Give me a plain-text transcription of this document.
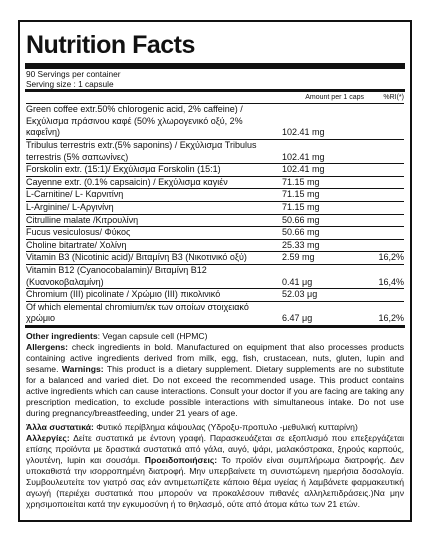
Nutrition Facts
90 Servings per container
Serving size : 1 capsule
Amount per 1 caps	%RI(*)
Green coffee extr.50% chlorogenic acid, 2% caffeine) / Εκχύλισμα πράσινου καφέ (50% χλωρογενικό οξύ, 2% καφεΐνη)	102.41 mg
Tribulus terrestris extr.(5% saponins) / Εκχύλισμα Tribulus terrestris (5% σαπωνίνες)	102.41 mg
Forskolin extr. (15:1)/ Εκχύλισμα Forskolin (15:1)	102.41 mg
Cayenne extr. (0.1% capsaicin) / Εκχύλισμα καγιέν	71.15 mg
L-Carnitine/ L- Καρνιτίνη	71.15 mg
L-Arginine/ L-Αργινίνη	71.15 mg
Citrulline malate /Κιτρουλίνη	50.66 mg
Fucus vesiculosus/ Φύκος	50.66 mg
Choline bitartrate/ Χολίνη	25.33 mg
Vitamin B3 (Nicotinic acid)/ Βιταμίνη B3 (Νικοτινικό οξύ)	2.59 mg	16,2%
Vitamin B12 (Cyanocobalamin)/ Βιταμίνη B12 (Κυανοκοβαλαμίνη)	0.41 μg	16,4%
Chromium (III) picolinate / Χρώμιο (III) πικολινικό	52.03 μg
Of which elemental chromium/εκ των οποίων στοιχειακό χρώμιο	6.47 μg	16,2%

Other ingredients: Vegan capsule cell (HPMC)

Allergens: check ingredients in bold. Manufactured on equipment that also processes products containing active ingredients derived from milk, egg, fish, crustacean, nuts, gluten, lupin and sesame. Warnings: This product is a dietary supplement. Dietary supplements are no substitute for a balanced and varied diet. Do not exceed the recommended usage. This product contains active ingredients which can cause interactions. Consult your doctor if you are facing are taking any prescription medication, to exclude possible interactions with simultaneous intake. Do not use during pregnancy/breastfeeding, under 21 years of age.

Άλλα συστατικά: Φυτικό περίβλημα κάψουλας (Υδροξυ-προπυλο -μεθυλική κυτταρίνη)

Αλλεργίες: Δείτε συστατικά με έντονη γραφή. Παρασκευάζεται σε εξοπλισμό που επεξεργάζεται επίσης προϊόντα με δραστικά συστατικά από γάλα, αυγό, ψάρι, μαλακόστρακα, ξηρούς καρπούς, γλουτένη, lupin και σουσάμι. Προειδοποιήσεις: Το προϊόν είναι συμπλήρωμα διατροφής. Δεν υποκαθιστά την ισορροπημένη διατροφή. Μην υπερβαίνετε τη συνιστώμενη ημερήσια δοσολογία. Συμβουλευτείτε τον γιατρό σας εάν αντιμετωπίζετε κάποιο θέμα υγείας ή λαμβάνετε φαρμακευτική αγωγή (περιέχει συστατικά που μπορούν να προκαλέσουν πιθανές αλληλεπιδράσεις.)Να μην χρησιμοποιείται κατά την εγκυμοσύνη ή το θηλασμό, ούτε από άτομα κάτω των 21 ετών.
